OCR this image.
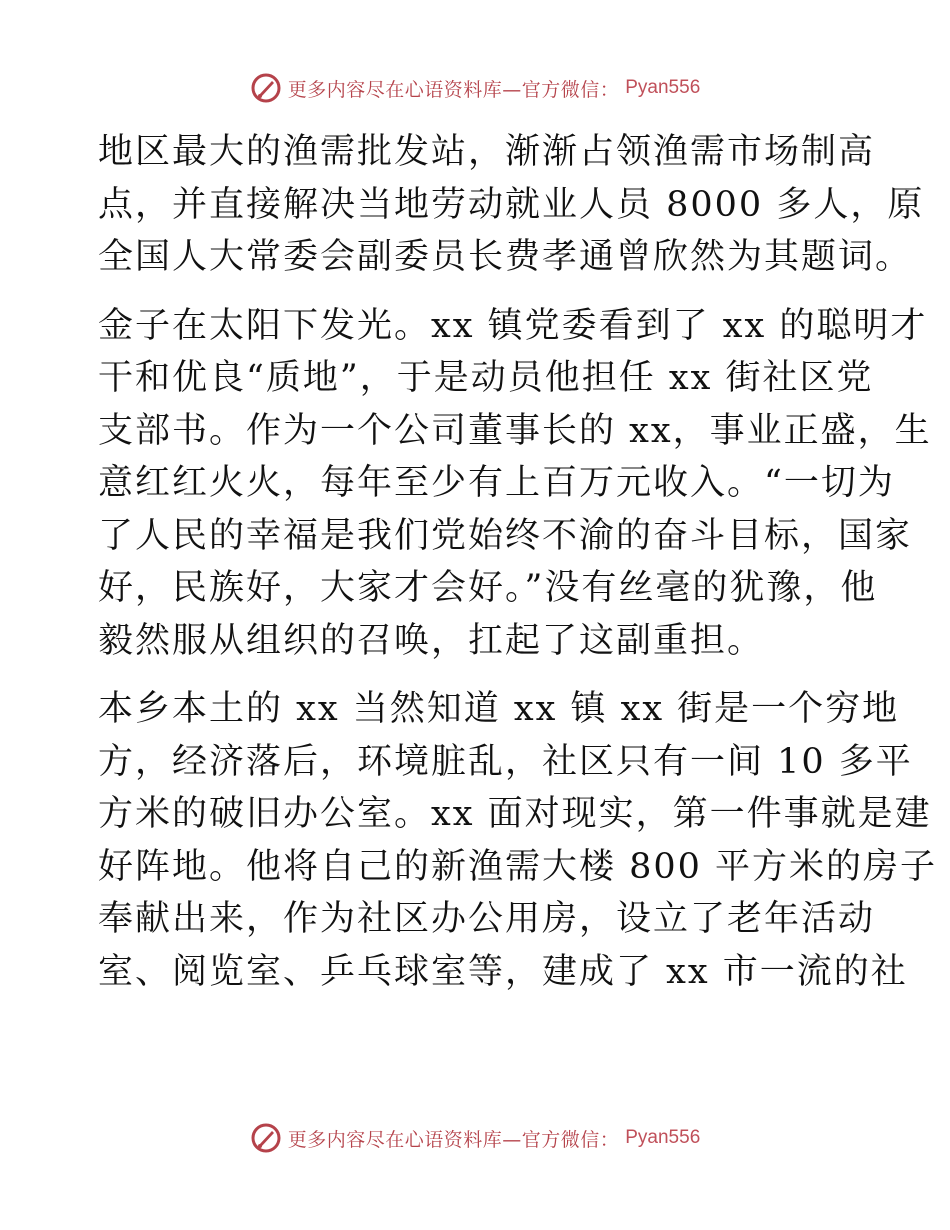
更多内容尽在心语资料库—官方微信： Pyan556
地区最大的渔需批发站，渐渐占领渔需市场制高
点，并直接解决当地劳动就业人员 8000 多人，原
全国人大常委会副委员长费孝通曾欣然为其题词。
金子在太阳下发光。xx 镇党委看到了 xx 的聪明才
干和优良“质地”，于是动员他担任 xx 街社区党
支部书。作为一个公司董事长的 xx，事业正盛，生
意红红火火，每年至少有上百万元收入。“一切为
了人民的幸福是我们党始终不渝的奋斗目标，国家
好，民族好，大家才会好。”没有丝毫的犹豫，他
毅然服从组织的召唤，扛起了这副重担。
本乡本土的 xx 当然知道 xx 镇 xx 街是一个穷地
方，经济落后，环境脏乱，社区只有一间 10 多平
方米的破旧办公室。xx 面对现实，第一件事就是建
好阵地。他将自己的新渔需大楼 800 平方米的房子
奉献出来，作为社区办公用房，设立了老年活动
室、阅览室、乒乓球室等，建成了 xx 市一流的社
更多内容尽在心语资料库—官方微信： Pyan556
